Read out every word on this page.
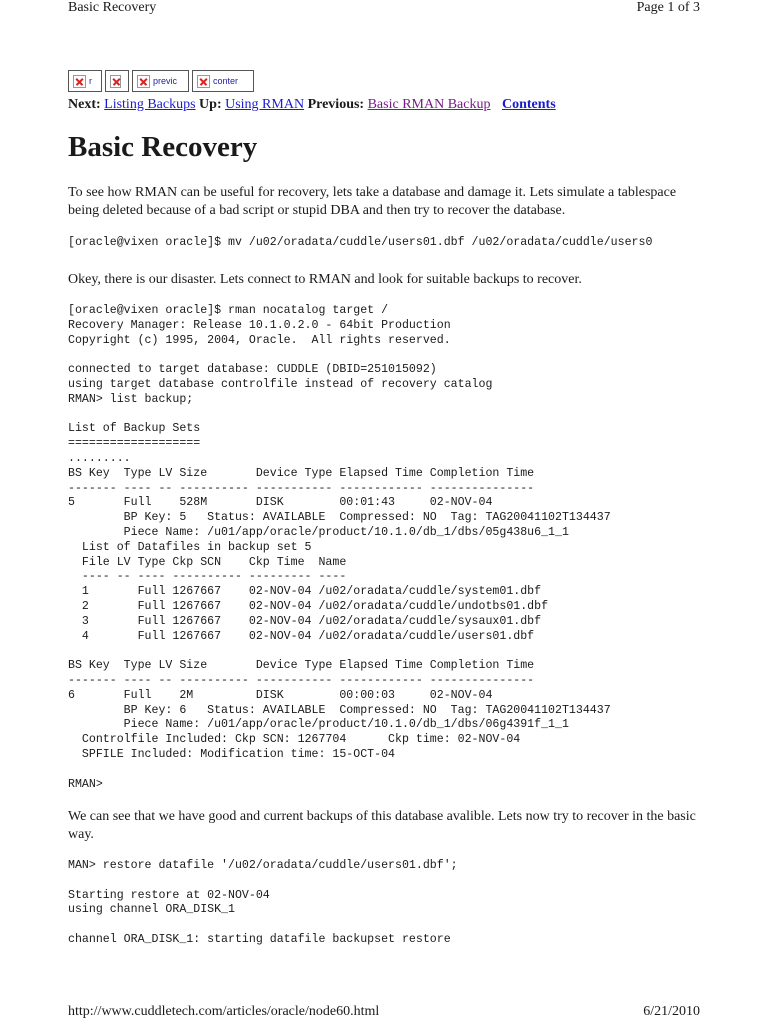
Basic Recovery	Page 1 of 3
r	previc	conter
Next: Listing Backups Up: Using RMAN Previous: Basic RMAN Backup Contents
Basic Recovery

To see how RMAN can be useful for recovery, lets take a database and damage it. Lets simulate a tablespace being deleted because of a bad script or stupid DBA and then try to recover the database.

[oracle@vixen oracle]$ mv /u02/oradata/cuddle/users01.dbf /u02/oradata/cuddle/users0

Okey, there is our disaster. Lets connect to RMAN and look for suitable backups to recover.

[oracle@vixen oracle]$ rman nocatalog target /
Recovery Manager: Release 10.1.0.2.0 - 64bit Production
Copyright (c) 1995, 2004, Oracle.  All rights reserved.

connected to target database: CUDDLE (DBID=251015092)
using target database controlfile instead of recovery catalog
RMAN> list backup;

List of Backup Sets
===================
.........
BS Key  Type LV Size       Device Type Elapsed Time Completion Time
------- ---- -- ---------- ----------- ------------ ---------------
5       Full    528M       DISK        00:01:43     02-NOV-04
BP Key: 5   Status: AVAILABLE  Compressed: NO  Tag: TAG20041102T134437
Piece Name: /u01/app/oracle/product/10.1.0/db_1/dbs/05g438u6_1_1
List of Datafiles in backup set 5
File LV Type Ckp SCN    Ckp Time  Name
---- -- ---- ---------- --------- ----
1       Full 1267667    02-NOV-04 /u02/oradata/cuddle/system01.dbf
2       Full 1267667    02-NOV-04 /u02/oradata/cuddle/undotbs01.dbf
3       Full 1267667    02-NOV-04 /u02/oradata/cuddle/sysaux01.dbf
4       Full 1267667    02-NOV-04 /u02/oradata/cuddle/users01.dbf

BS Key  Type LV Size       Device Type Elapsed Time Completion Time
------- ---- -- ---------- ----------- ------------ ---------------
6       Full    2M         DISK        00:00:03     02-NOV-04
BP Key: 6   Status: AVAILABLE  Compressed: NO  Tag: TAG20041102T134437
Piece Name: /u01/app/oracle/product/10.1.0/db_1/dbs/06g4391f_1_1
Controlfile Included: Ckp SCN: 1267704      Ckp time: 02-NOV-04
SPFILE Included: Modification time: 15-OCT-04

RMAN>

We can see that we have good and current backups of this database avalible. Lets now try to recover in the basic way.

MAN> restore datafile '/u02/oradata/cuddle/users01.dbf';

Starting restore at 02-NOV-04
using channel ORA_DISK_1

channel ORA_DISK_1: starting datafile backupset restore
http://www.cuddletech.com/articles/oracle/node60.html	6/21/2010
